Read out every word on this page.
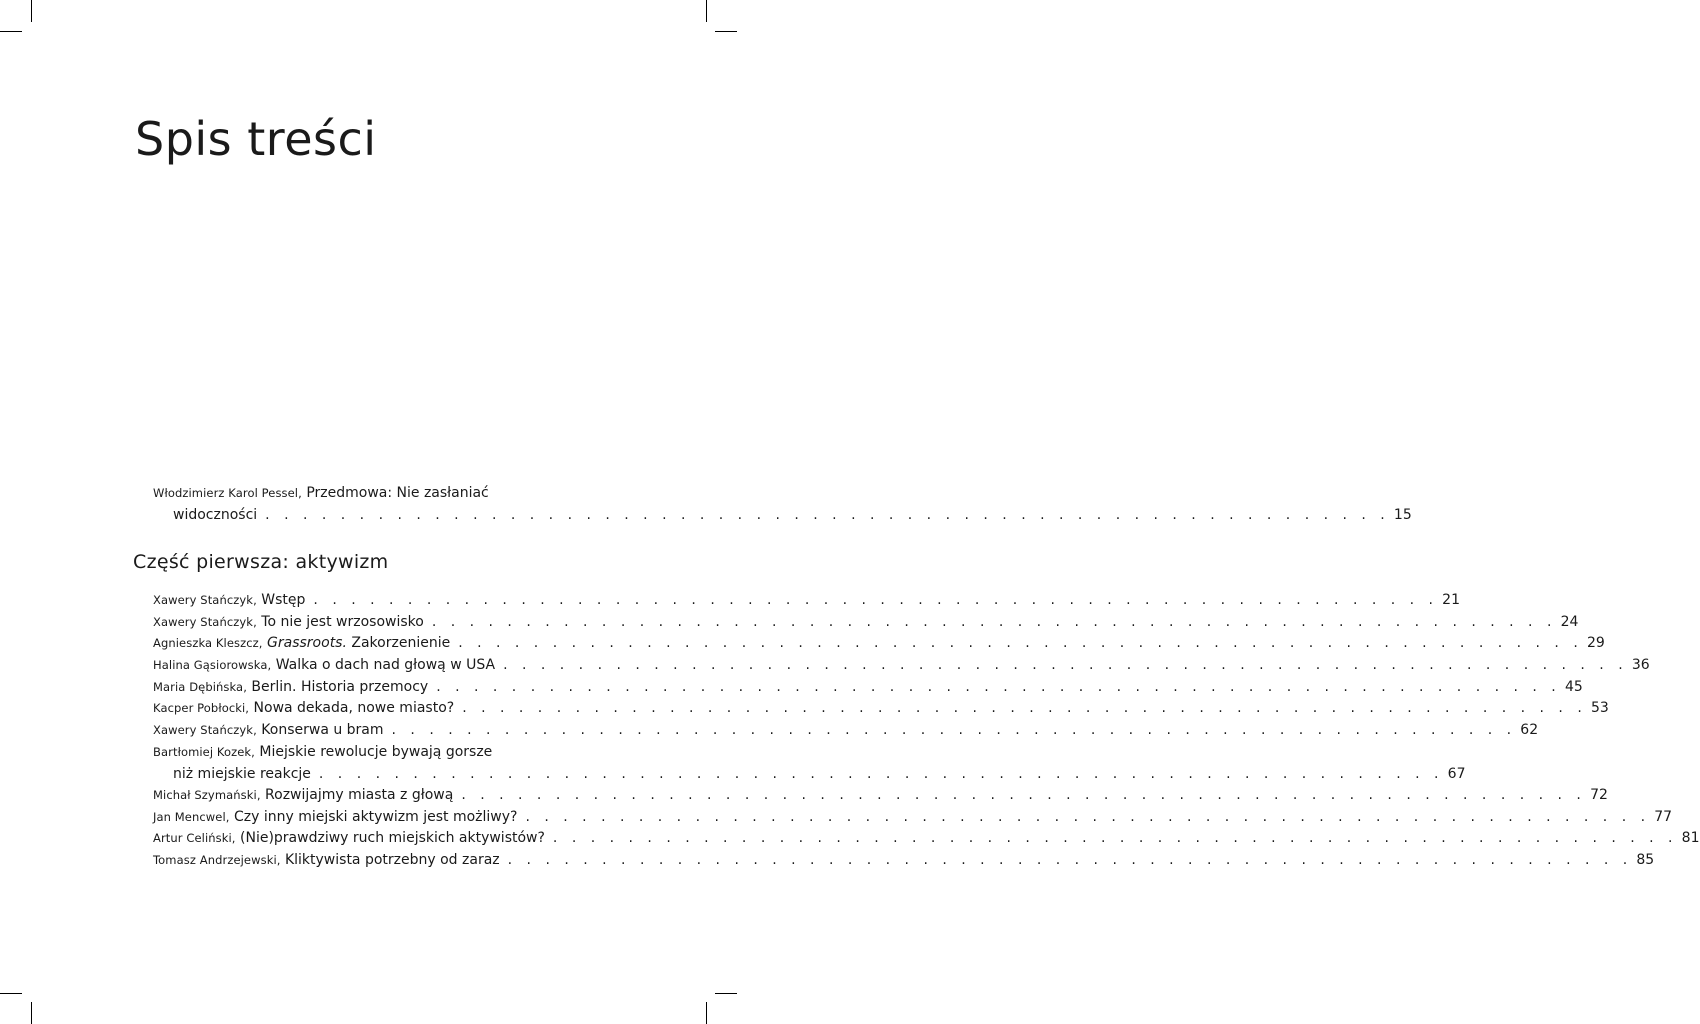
Spis treści
Włodzimierz Karol Pessel,
Przedmowa: Nie zasłaniać
widoczności . . . . . . . . . . . . . . . . . . . . . . . . . . . . . . . . . . . . . . . . . . . . . . . . . . . . . . . . . . . . 15
Część pierwsza: aktywizm
Xawery Stańczyk,
Wstęp . . . . . . . . . . . . . . . . . . . . . . . . . . . . . . . . . . . . . . . . . . . . . . . . . . . . . . . . . . . . 21
Xawery Stańczyk,
To nie jest wrzosowisko . . . . . . . . . . . . . . . . . . . . . . . . . . . . . . . . . . . . . . . . . . . . . . . . . . . . . . . . . . . . 24
Agnieszka Kleszcz,
Grassroots. Zakorzenienie . . . . . . . . . . . . . . . . . . . . . . . . . . . . . . . . . . . . . . . . . . . . . . . . . . . . . . . . . . . . 29
Halina Gąsiorowska,
Walka o dach nad głową w USA . . . . . . . . . . . . . . . . . . . . . . . . . . . . . . . . . . . . . . . . . . . . . . . . . . . . . . . . . . . . 36
Maria Dębińska,
Berlin. Historia przemocy . . . . . . . . . . . . . . . . . . . . . . . . . . . . . . . . . . . . . . . . . . . . . . . . . . . . . . . . . . . . 45
Kacper Pobłocki,
Nowa dekada, nowe miasto? . . . . . . . . . . . . . . . . . . . . . . . . . . . . . . . . . . . . . . . . . . . . . . . . . . . . . . . . . . . . 53
Xawery Stańczyk,
Konserwa u bram . . . . . . . . . . . . . . . . . . . . . . . . . . . . . . . . . . . . . . . . . . . . . . . . . . . . . . . . . . . . 62
Bartłomiej Kozek,
Miejskie rewolucje bywają gorsze
niż miejskie reakcje . . . . . . . . . . . . . . . . . . . . . . . . . . . . . . . . . . . . . . . . . . . . . . . . . . . . . . . . . . . . 67
Michał Szymański,
Rozwijajmy miasta z głową . . . . . . . . . . . . . . . . . . . . . . . . . . . . . . . . . . . . . . . . . . . . . . . . . . . . . . . . . . . . 72
Jan Mencwel,
Czy inny miejski aktywizm jest możliwy? . . . . . . . . . . . . . . . . . . . . . . . . . . . . . . . . . . . . . . . . . . . . . . . . . . . . . . . . . . . . 77
Artur Celiński,
(Nie)prawdziwy ruch miejskich aktywistów? . . . . . . . . . . . . . . . . . . . . . . . . . . . . . . . . . . . . . . . . . . . . . . . . . . . . . . . . . . . . 81
Tomasz Andrzejewski,
Kliktywista potrzebny od zaraz . . . . . . . . . . . . . . . . . . . . . . . . . . . . . . . . . . . . . . . . . . . . . . . . . . . . . . . . . . . . 85
